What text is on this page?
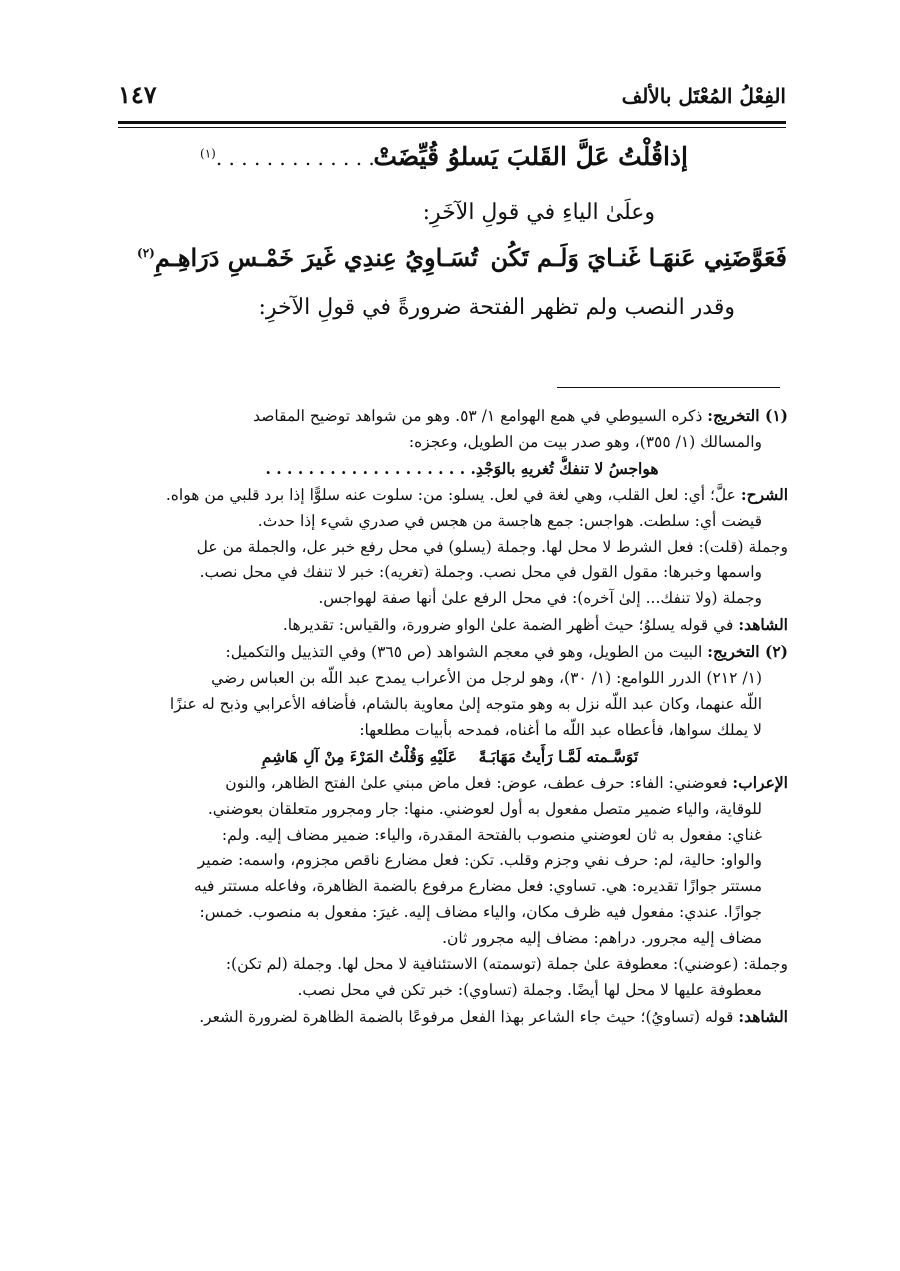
الفِعْلُ المُعْتَل بالألف
١٤٧
إذاقُلْتُ عَلَّ القَلبَ يَسلوُ قُيِّضَتْ
. . . . . . . . . . . . . . . .$^{(١)}$
وعلَىٰ الياءِ في قولِ الآخَرِ:
فَعَوَّضَنِي عَنهَـا غَنـايَ وَلَـم تَكُن
تُسَـاوِيُ عِندِي غَيرَ خَمْـسِ دَرَاهِـمِ$^{(٢)}$
وقدر النصب ولم تظهر الفتحة ضرورةً في قولِ الآخرِ:
(١) التخريج: ذكره السيوطي في همع الهوامع ١/ ٥٣. وهو من شواهد توضيح المقاصد
والمسالك (١/ ٣٥٥)، وهو صدر بيت من الطويل، وعجزه:
هواجسُ لا تنفكُّ تُغريهِ بالوَجْدِ. . . . . . . . . . . . . . . . . . . .
الشرح: علَّ؛ أي: لعل القلب، وهي لغة في لعل. يسلو: من: سلوت عنه سلوًّا إذا برد قلبي من هواه.
قيضت أي: سلطت. هواجس: جمع هاجسة من هجس في صدري شيء إذا حدث.
وجملة (قلت): فعل الشرط لا محل لها. وجملة (يسلو) في محل رفع خبر عل، والجملة من عل
واسمها وخبرها: مقول القول في محل نصب. وجملة (تغريه): خبر لا تنفك في محل نصب.
وجملة (ولا تنفك... إلىٰ آخره): في محل الرفع علىٰ أنها صفة لهواجس.
الشاهد: في قوله يسلوُ؛ حيث أظهر الضمة علىٰ الواو ضرورة، والقياس: تقديرها.
(٢) التخريج: البيت من الطويل، وهو في معجم الشواهد (ص ٣٦٥) وفي التذييل والتكميل:
(١/ ٢١٢) الدرر اللوامع: (١/ ٣٠)، وهو لرجل من الأعراب يمدح عبد اللَّه بن العباس رضي
اللَّه عنهما، وكان عبد اللَّه نزل به وهو متوجه إلىٰ معاوية بالشام، فأضافه الأعرابي وذبح له عنزًا
لا يملك سواها، فأعطاه عبد اللَّه ما أغناه، فمدحه بأبيات مطلعها:
تَوَسَّـمته لَمَّـا رَأَيتُ مَهَابَـةً    عَلَيْهِ وَقُلْتُ المَرْءَ مِنْ آلِ هَاشِمِ
الإعراب: فعوضني: الفاء: حرف عطف، عوض: فعل ماض مبني علىٰ الفتح الظاهر، والنون
للوقاية، والياء ضمير متصل مفعول به أول لعوضني. منها: جار ومجرور متعلقان بعوضني.
غناي: مفعول به ثان لعوضني منصوب بالفتحة المقدرة، والياء: ضمير مضاف إليه. ولم:
والواو: حالية، لم: حرف نفي وجزم وقلب. تكن: فعل مضارع ناقص مجزوم، واسمه: ضمير
مستتر جوازًا تقديره: هي. تساوي: فعل مضارع مرفوع بالضمة الظاهرة، وفاعله مستتر فيه
جوازًا. عندي: مفعول فيه ظرف مكان، والياء مضاف إليه. غيرَ: مفعول به منصوب. خمس:
مضاف إليه مجرور. دراهم: مضاف إليه مجرور ثان.
وجملة: (عوضني): معطوفة علىٰ جملة (توسمته) الاستئنافية لا محل لها. وجملة (لم تكن):
معطوفة عليها لا محل لها أيضًا. وجملة (تساوي): خبر تكن في محل نصب.
الشاهد: قوله (تساويُ)؛ حيث جاء الشاعر بهذا الفعل مرفوعًا بالضمة الظاهرة لضرورة الشعر.
